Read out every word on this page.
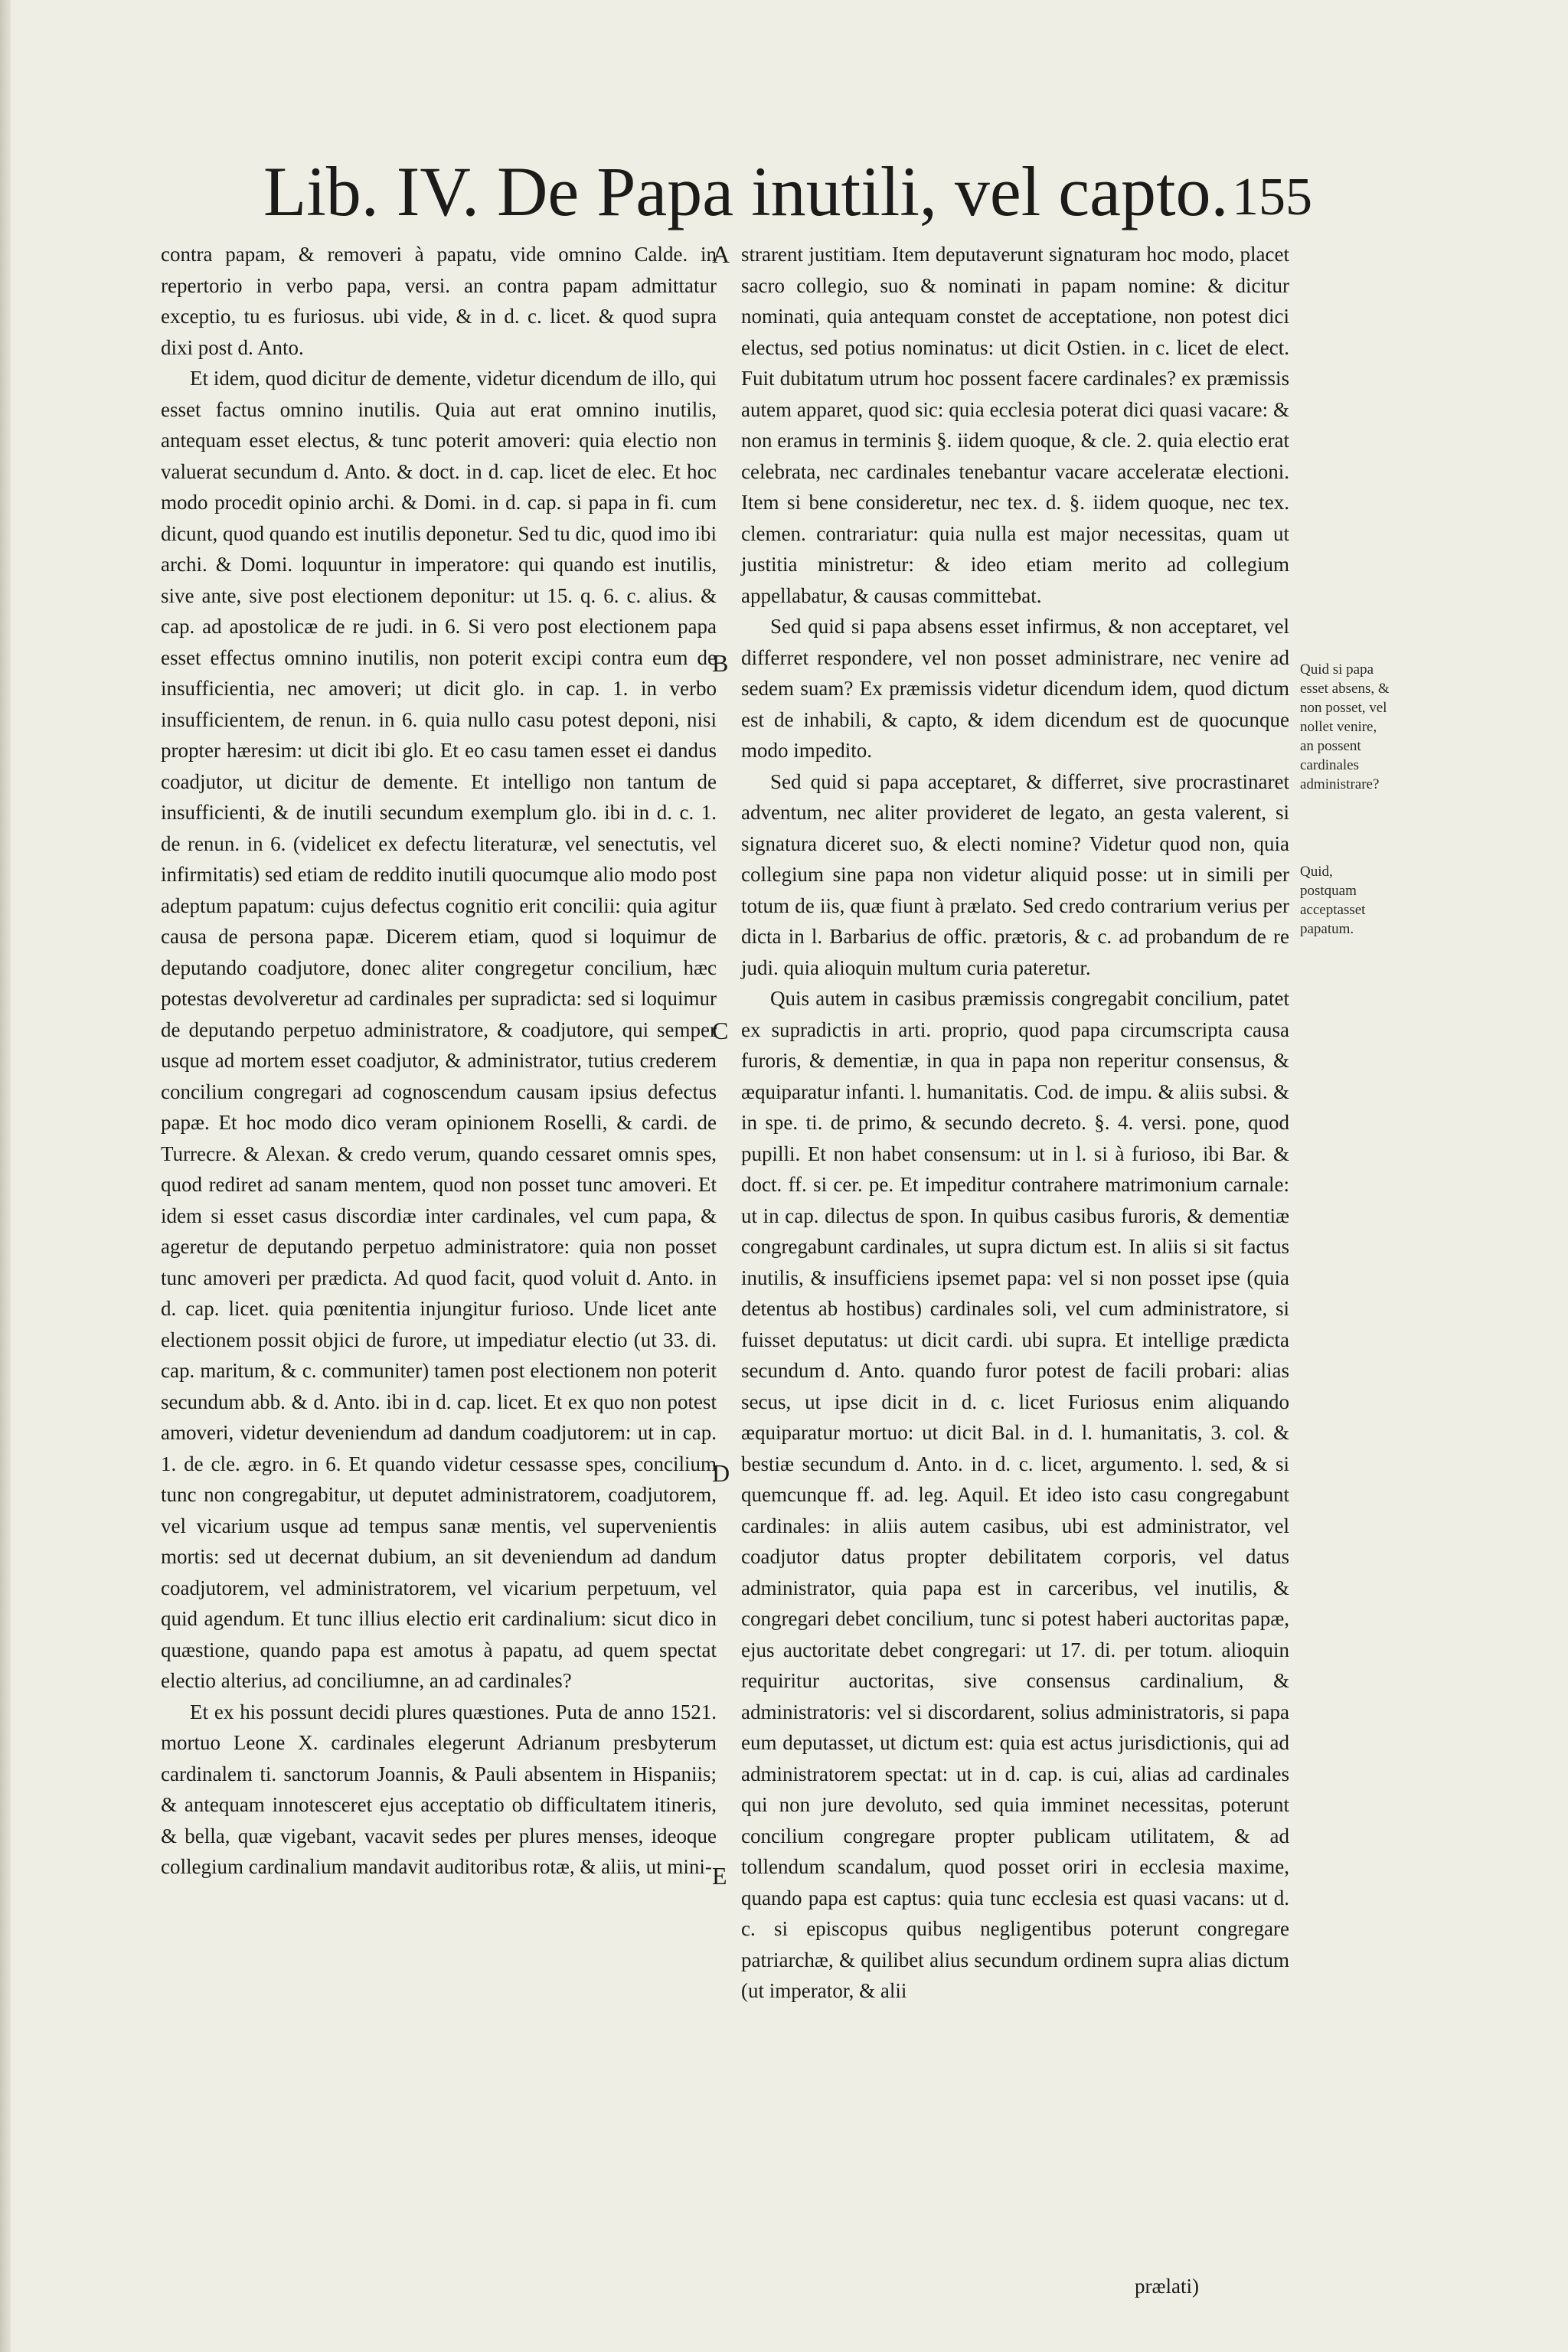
Lib. IV. De Papa inutili, vel capto. 155

contra papam, & removeri à papatu, vide omnino Calde. in repertorio in verbo papa, versi. an contra papam admittatur exceptio, tu es furiosus. ubi vide, & in d. c. licet. & quod supra dixi post d. Anto.

Et idem, quod dicitur de demente, videtur dicendum de illo, qui esset factus omnino inutilis. Quia aut erat omnino inutilis, antequam esset electus, & tunc poterit amoveri: quia electio non valuerat secundum d. Anto. & doct. in d. cap. licet de elec. Et hoc modo procedit opinio archi. & Domi. in d. cap. si papa in fi. cum dicunt, quod quando est inutilis deponetur. Sed tu dic, quod imo ibi archi. & Domi. loquuntur in imperatore: qui quando est inutilis, sive ante, sive post electionem deponitur: ut 15. q. 6. c. alius. & cap. ad apostolicæ de re judi. in 6. Si vero post electionem papa esset effectus omnino inutilis, non poterit excipi contra eum de insufficientia, nec amoveri; ut dicit glo. in cap. 1. in verbo insufficientem, de renun. in 6. quia nullo casu potest deponi, nisi propter hæresim: ut dicit ibi glo. Et eo casu tamen esset ei dandus coadjutor, ut dicitur de demente. Et intelligo non tantum de insufficienti, & de inutili secundum exemplum glo. ibi in d. c. 1. de renun. in 6. (videlicet ex defectu literaturæ, vel senectutis, vel infirmitatis) sed etiam de reddito inutili quocumque alio modo post adeptum papatum: cujus defectus cognitio erit concilii: quia agitur causa de persona papæ. Dicerem etiam, quod si loquimur de deputando coadjutore, donec aliter congregetur concilium, hæc potestas devolveretur ad cardinales per supradicta: sed si loquimur de deputando perpetuo administratore, & coadjutore, qui semper usque ad mortem esset coadjutor, & administrator, tutius crederem concilium congregari ad cognoscendum causam ipsius defectus papæ. Et hoc modo dico veram opinionem Roselli, & cardi. de Turrecre. & Alexan. & credo verum, quando cessaret omnis spes, quod rediret ad sanam mentem, quod non posset tunc amoveri. Et idem si esset casus discordiæ inter cardinales, vel cum papa, & ageretur de deputando perpetuo administratore: quia non posset tunc amoveri per prædicta. Ad quod facit, quod voluit d. Anto. in d. cap. licet. quia pœnitentia injungitur furioso. Unde licet ante electionem possit objici de furore, ut impediatur electio (ut 33. di. cap. maritum, & c. communiter) tamen post electionem non poterit secundum abb. & d. Anto. ibi in d. cap. licet. Et ex quo non potest amoveri, videtur deveniendum ad dandum coadjutorem: ut in cap. 1. de cle. ægro. in 6. Et quando videtur cessasse spes, concilium tunc non congregabitur, ut deputet administratorem, coadjutorem, vel vicarium usque ad tempus sanæ mentis, vel supervenientis mortis: sed ut decernat dubium, an sit deveniendum ad dandum coadjutorem, vel administratorem, vel vicarium perpetuum, vel quid agendum. Et tunc illius electio erit cardinalium: sicut dico in quæstione, quando papa est amotus à papatu, ad quem spectat electio alterius, ad conciliumne, an ad cardinales?

Et ex his possunt decidi plures quæstiones. Puta de anno 1521. mortuo Leone X. cardinales elegerunt Adrianum presbyterum cardinalem ti. sanctorum Joannis, & Pauli absentem in Hispaniis; & antequam innotesceret ejus acceptatio ob difficultatem itineris, & bella, quæ vigebant, vacavit sedes per plures menses, ideoque collegium cardinalium mandavit auditoribus rotæ, & aliis, ut mini-

A
B
C
D
E

strarent justitiam. Item deputaverunt signaturam hoc modo, placet sacro collegio, suo & nominati in papam nomine: & dicitur nominati, quia antequam constet de acceptatione, non potest dici electus, sed potius nominatus: ut dicit Ostien. in c. licet de elect. Fuit dubitatum utrum hoc possent facere cardinales? ex præmissis autem apparet, quod sic: quia ecclesia poterat dici quasi vacare: & non eramus in terminis §. iidem quoque, & cle. 2. quia electio erat celebrata, nec cardinales tenebantur vacare acceleratæ electioni. Item si bene consideretur, nec tex. d. §. iidem quoque, nec tex. clemen. contrariatur: quia nulla est major necessitas, quam ut justitia ministretur: & ideo etiam merito ad collegium appellabatur, & causas committebat.

Sed quid si papa absens esset infirmus, & non acceptaret, vel differret respondere, vel non posset administrare, nec venire ad sedem suam? Ex præmissis videtur dicendum idem, quod dictum est de inhabili, & capto, & idem dicendum est de quocunque modo impedito.

Sed quid si papa acceptaret, & differret, sive procrastinaret adventum, nec aliter provideret de legato, an gesta valerent, si signatura diceret suo, & electi nomine? Videtur quod non, quia collegium sine papa non videtur aliquid posse: ut in simili per totum de iis, quæ fiunt à prælato. Sed credo contrarium verius per dicta in l. Barbarius de offic. prætoris, & c. ad probandum de re judi. quia alioquin multum curia pateretur.

Quis autem in casibus præmissis congregabit concilium, patet ex supradictis in arti. proprio, quod papa circumscripta causa furoris, & dementiæ, in qua in papa non reperitur consensus, & æquiparatur infanti. l. humanitatis. Cod. de impu. & aliis subsi. & in spe. ti. de primo, & secundo decreto. §. 4. versi. pone, quod pupilli. Et non habet consensum: ut in l. si à furioso, ibi Bar. & doct. ff. si cer. pe. Et impeditur contrahere matrimonium carnale: ut in cap. dilectus de spon. In quibus casibus furoris, & dementiæ congregabunt cardinales, ut supra dictum est. In aliis si sit factus inutilis, & insufficiens ipsemet papa: vel si non posset ipse (quia detentus ab hostibus) cardinales soli, vel cum administratore, si fuisset deputatus: ut dicit cardi. ubi supra. Et intellige prædicta secundum d. Anto. quando furor potest de facili probari: alias secus, ut ipse dicit in d. c. licet Furiosus enim aliquando æquiparatur mortuo: ut dicit Bal. in d. l. humanitatis, 3. col. & bestiæ secundum d. Anto. in d. c. licet, argumento. l. sed, & si quemcunque ff. ad. leg. Aquil. Et ideo isto casu congregabunt cardinales: in aliis autem casibus, ubi est administrator, vel coadjutor datus propter debilitatem corporis, vel datus administrator, quia papa est in carceribus, vel inutilis, & congregari debet concilium, tunc si potest haberi auctoritas papæ, ejus auctoritate debet congregari: ut 17. di. per totum. alioquin requiritur auctoritas, sive consensus cardinalium, & administratoris: vel si discordarent, solius administratoris, si papa eum deputasset, ut dictum est: quia est actus jurisdictionis, qui ad administratorem spectat: ut in d. cap. is cui, alias ad cardinales qui non jure devoluto, sed quia imminet necessitas, poterunt concilium congregare propter publicam utilitatem, & ad tollendum scandalum, quod posset oriri in ecclesia maxime, quando papa est captus: quia tunc ecclesia est quasi vacans: ut d. c. si episcopus quibus negligentibus poterunt congregare patriarchæ, & quilibet alius secundum ordinem supra alias dictum (ut imperator, & alii

Quid si papa esset absens, & non posset, vel nollet venire, an possent cardinales administrare?
Quid, postquam acceptasset papatum.
prælati)
